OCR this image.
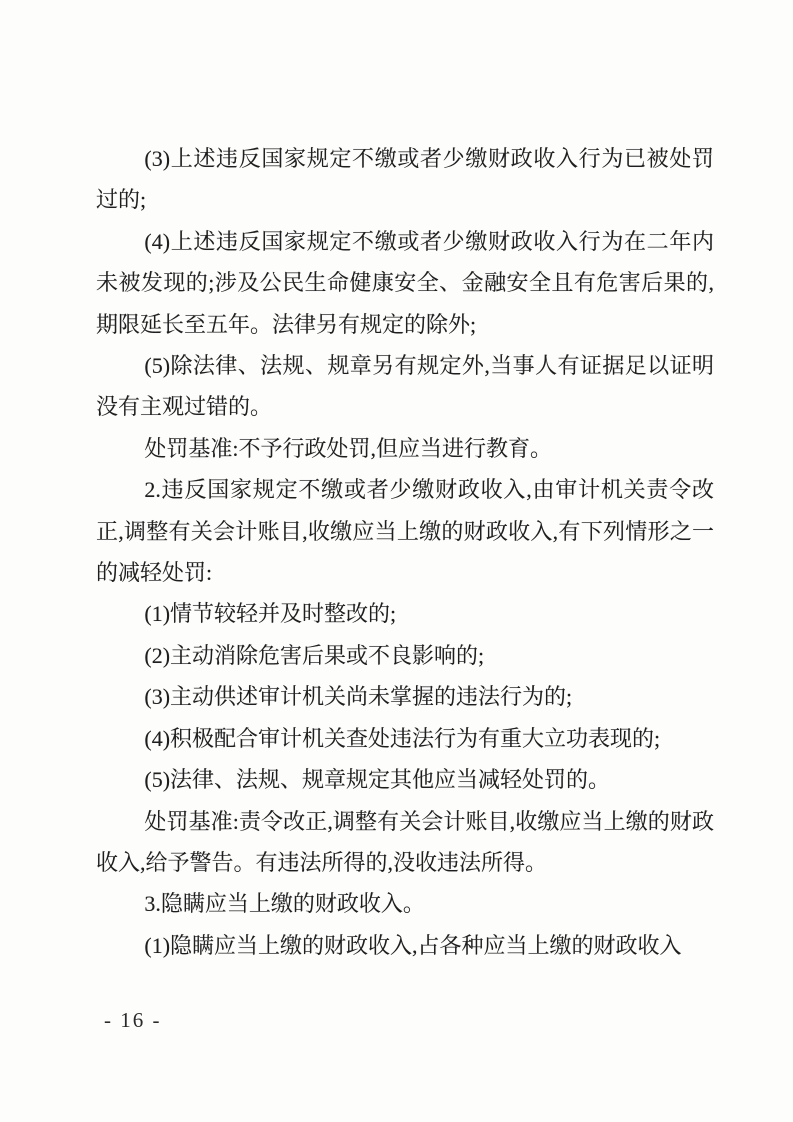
(3)上述违反国家规定不缴或者少缴财政收入行为已被处罚过的;

(4)上述违反国家规定不缴或者少缴财政收入行为在二年内未被发现的;涉及公民生命健康安全、金融安全且有危害后果的,期限延长至五年。法律另有规定的除外;

(5)除法律、法规、规章另有规定外,当事人有证据足以证明没有主观过错的。

处罚基准:不予行政处罚,但应当进行教育。

2.违反国家规定不缴或者少缴财政收入,由审计机关责令改正,调整有关会计账目,收缴应当上缴的财政收入,有下列情形之一的减轻处罚:

(1)情节较轻并及时整改的;

(2)主动消除危害后果或不良影响的;

(3)主动供述审计机关尚未掌握的违法行为的;

(4)积极配合审计机关查处违法行为有重大立功表现的;

(5)法律、法规、规章规定其他应当减轻处罚的。

处罚基准:责令改正,调整有关会计账目,收缴应当上缴的财政收入,给予警告。有违法所得的,没收违法所得。

3.隐瞒应当上缴的财政收入。

(1)隐瞒应当上缴的财政收入,占各种应当上缴的财政收入

- 16 -
